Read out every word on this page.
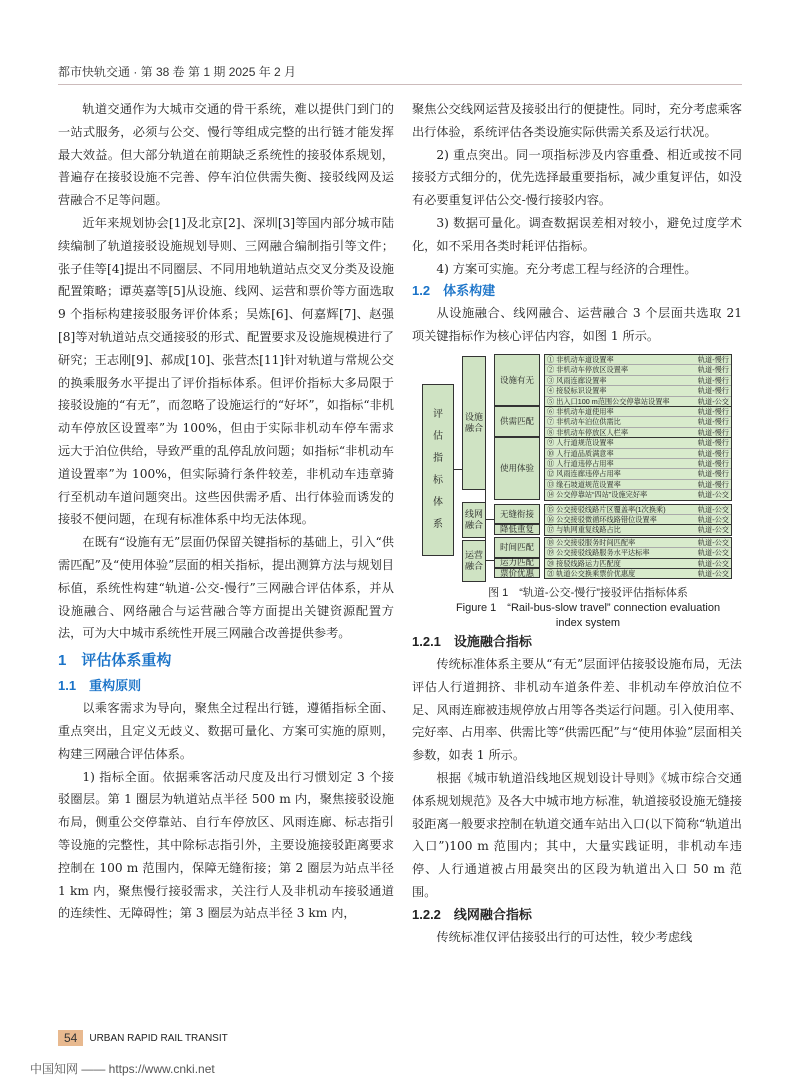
都市快轨交通 · 第 38 卷 第 1 期 2025 年 2 月

轨道交通作为大城市交通的骨干系统，难以提供门到门的一站式服务，必须与公交、慢行等组成完整的出行链才能发挥最大效益。但大部分轨道在前期缺乏系统性的接驳体系规划，普遍存在接驳设施不完善、停车泊位供需失衡、接驳线网及运营融合不足等问题。

近年来规划协会[1]及北京[2]、深圳[3]等国内部分城市陆续编制了轨道接驳设施规划导则、三网融合编制指引等文件；张子佳等[4]提出不同圈层、不同用地轨道站点交叉分类及设施配置策略；谭英嘉等[5]从设施、线网、运营和票价等方面选取 9 个指标构建接驳服务评价体系；吴炼[6]、何嘉辉[7]、赵强[8]等对轨道站点交通接驳的形式、配置要求及设施规模进行了研究；王志刚[9]、郝成[10]、张营杰[11]针对轨道与常规公交的换乘服务水平提出了评价指标体系。但评价指标大多局限于接驳设施的“有无”，而忽略了设施运行的“好坏”，如指标“非机动车停放区设置率”为 100%，但由于实际非机动车停车需求远大于泊位供给，导致严重的乱停乱放问题；如指标“非机动车道设置率”为 100%，但实际骑行条件较差，非机动车违章骑行至机动车道问题突出。这些因供需矛盾、出行体验而诱发的接驳不便问题，在现有标准体系中均无法体现。

在既有“设施有无”层面仍保留关键指标的基础上，引入“供需匹配”及“使用体验”层面的相关指标，提出测算方法与规划目标值，系统性构建“轨道-公交-慢行”三网融合评估体系，并从设施融合、网络融合与运营融合等方面提出关键资源配置方法，可为大中城市系统性开展三网融合改善提供参考。

1　评估体系重构
1.1　重构原则

以乘客需求为导向，聚焦全过程出行链，遵循指标全面、重点突出，且定义无歧义、数据可量化、方案可实施的原则，构建三网融合评估体系。

1) 指标全面。依据乘客活动尺度及出行习惯划定 3 个接驳圈层。第 1 圈层为轨道站点半径 500 m 内，聚焦接驳设施布局，侧重公交停靠站、自行车停放区、风雨连廊、标志指引等设施的完整性，其中除标志指引外，主要设施接驳距离要求控制在 100 m 范围内，保障无缝衔接；第 2 圈层为站点半径 1 km 内，聚焦慢行接驳需求，关注行人及非机动车接驳通道的连续性、无障碍性；第 3 圈层为站点半径 3 km 内，

聚焦公交线网运营及接驳出行的便捷性。同时，充分考虑乘客出行体验，系统评估各类设施实际供需关系及运行状况。

2) 重点突出。同一项指标涉及内容重叠、相近或按不同接驳方式细分的，优先选择最重要指标，减少重复评估，如没有必要重复评估公交-慢行接驳内容。

3) 数据可量化。调查数据误差相对较小，避免过度学术化，如不采用各类时耗评估指标。

4) 方案可实施。充分考虑工程与经济的合理性。

1.2　体系构建

从设施融合、线网融合、运营融合 3 个层面共选取 21 项关键指标作为核心评估内容，如图 1 所示。

评
估
指
标
体
系
设施融合
线网融合
运营融合
设施有无
① 非机动车道设置率	轨道-慢行
② 非机动车停放区设置率	轨道-慢行
③ 风雨连廊设置率	轨道-慢行
④ 接驳标识设置率	轨道-慢行
⑤ 出入口100 m范围公交停靠站设置率	轨道-公交
供需匹配
⑥ 非机动车道使用率	轨道-慢行
⑦ 非机动车泊位供需比	轨道-慢行
⑧ 非机动车停放区人栏率	轨道-慢行
使用体验
⑨ 人行道规范设置率	轨道-慢行
⑩ 人行道品质满意率	轨道-慢行
⑪ 人行道违停占用率	轨道-慢行
⑫ 风雨连廊违停占用率	轨道-慢行
⑬ 缘石坡道规范设置率	轨道-慢行
⑭ 公交停靠站“四站”设施完好率	轨道-公交
无缝衔接	⑮ 公交接驳线路片区覆盖率(1次换乘)	轨道-公交
⑯ 公交接驳微循环线路错位设置率	轨道-公交
降低重复	⑰ 与轨网重复线路占比	轨道-公交
时间匹配	⑱ 公交接驳服务时间匹配率	轨道-公交
⑲ 公交接驳线路服务水平达标率	轨道-公交
运力匹配	⑳ 接驳线路运力匹配度	轨道-公交
票价优惠	㉑ 轨道公交换乘票价优惠度	轨道-公交

图 1　“轨道-公交-慢行”接驳评估指标体系

Figure 1　“Rail-bus-slow travel” connection evaluation

index system

1.2.1　设施融合指标

传统标准体系主要从“有无”层面评估接驳设施布局，无法评估人行道拥挤、非机动车道条件差、非机动车停放泊位不足、风雨连廊被违规停放占用等各类运行问题。引入使用率、完好率、占用率、供需比等“供需匹配”与“使用体验”层面相关参数，如表 1 所示。

根据《城市轨道沿线地区规划设计导则》《城市综合交通体系规划规范》及各大中城市地方标准，轨道接驳设施无缝接驳距离一般要求控制在轨道交通车站出入口(以下简称“轨道出入口”)100 m 范围内；其中，大量实践证明，非机动车违停、人行通道被占用最突出的区段为轨道出入口 50 m 范围。

1.2.2　线网融合指标

传统标准仅评估接驳出行的可达性，较少考虑线

54	URBAN RAPID RAIL TRANSIT
中国知网 —— https://www.cnki.net
